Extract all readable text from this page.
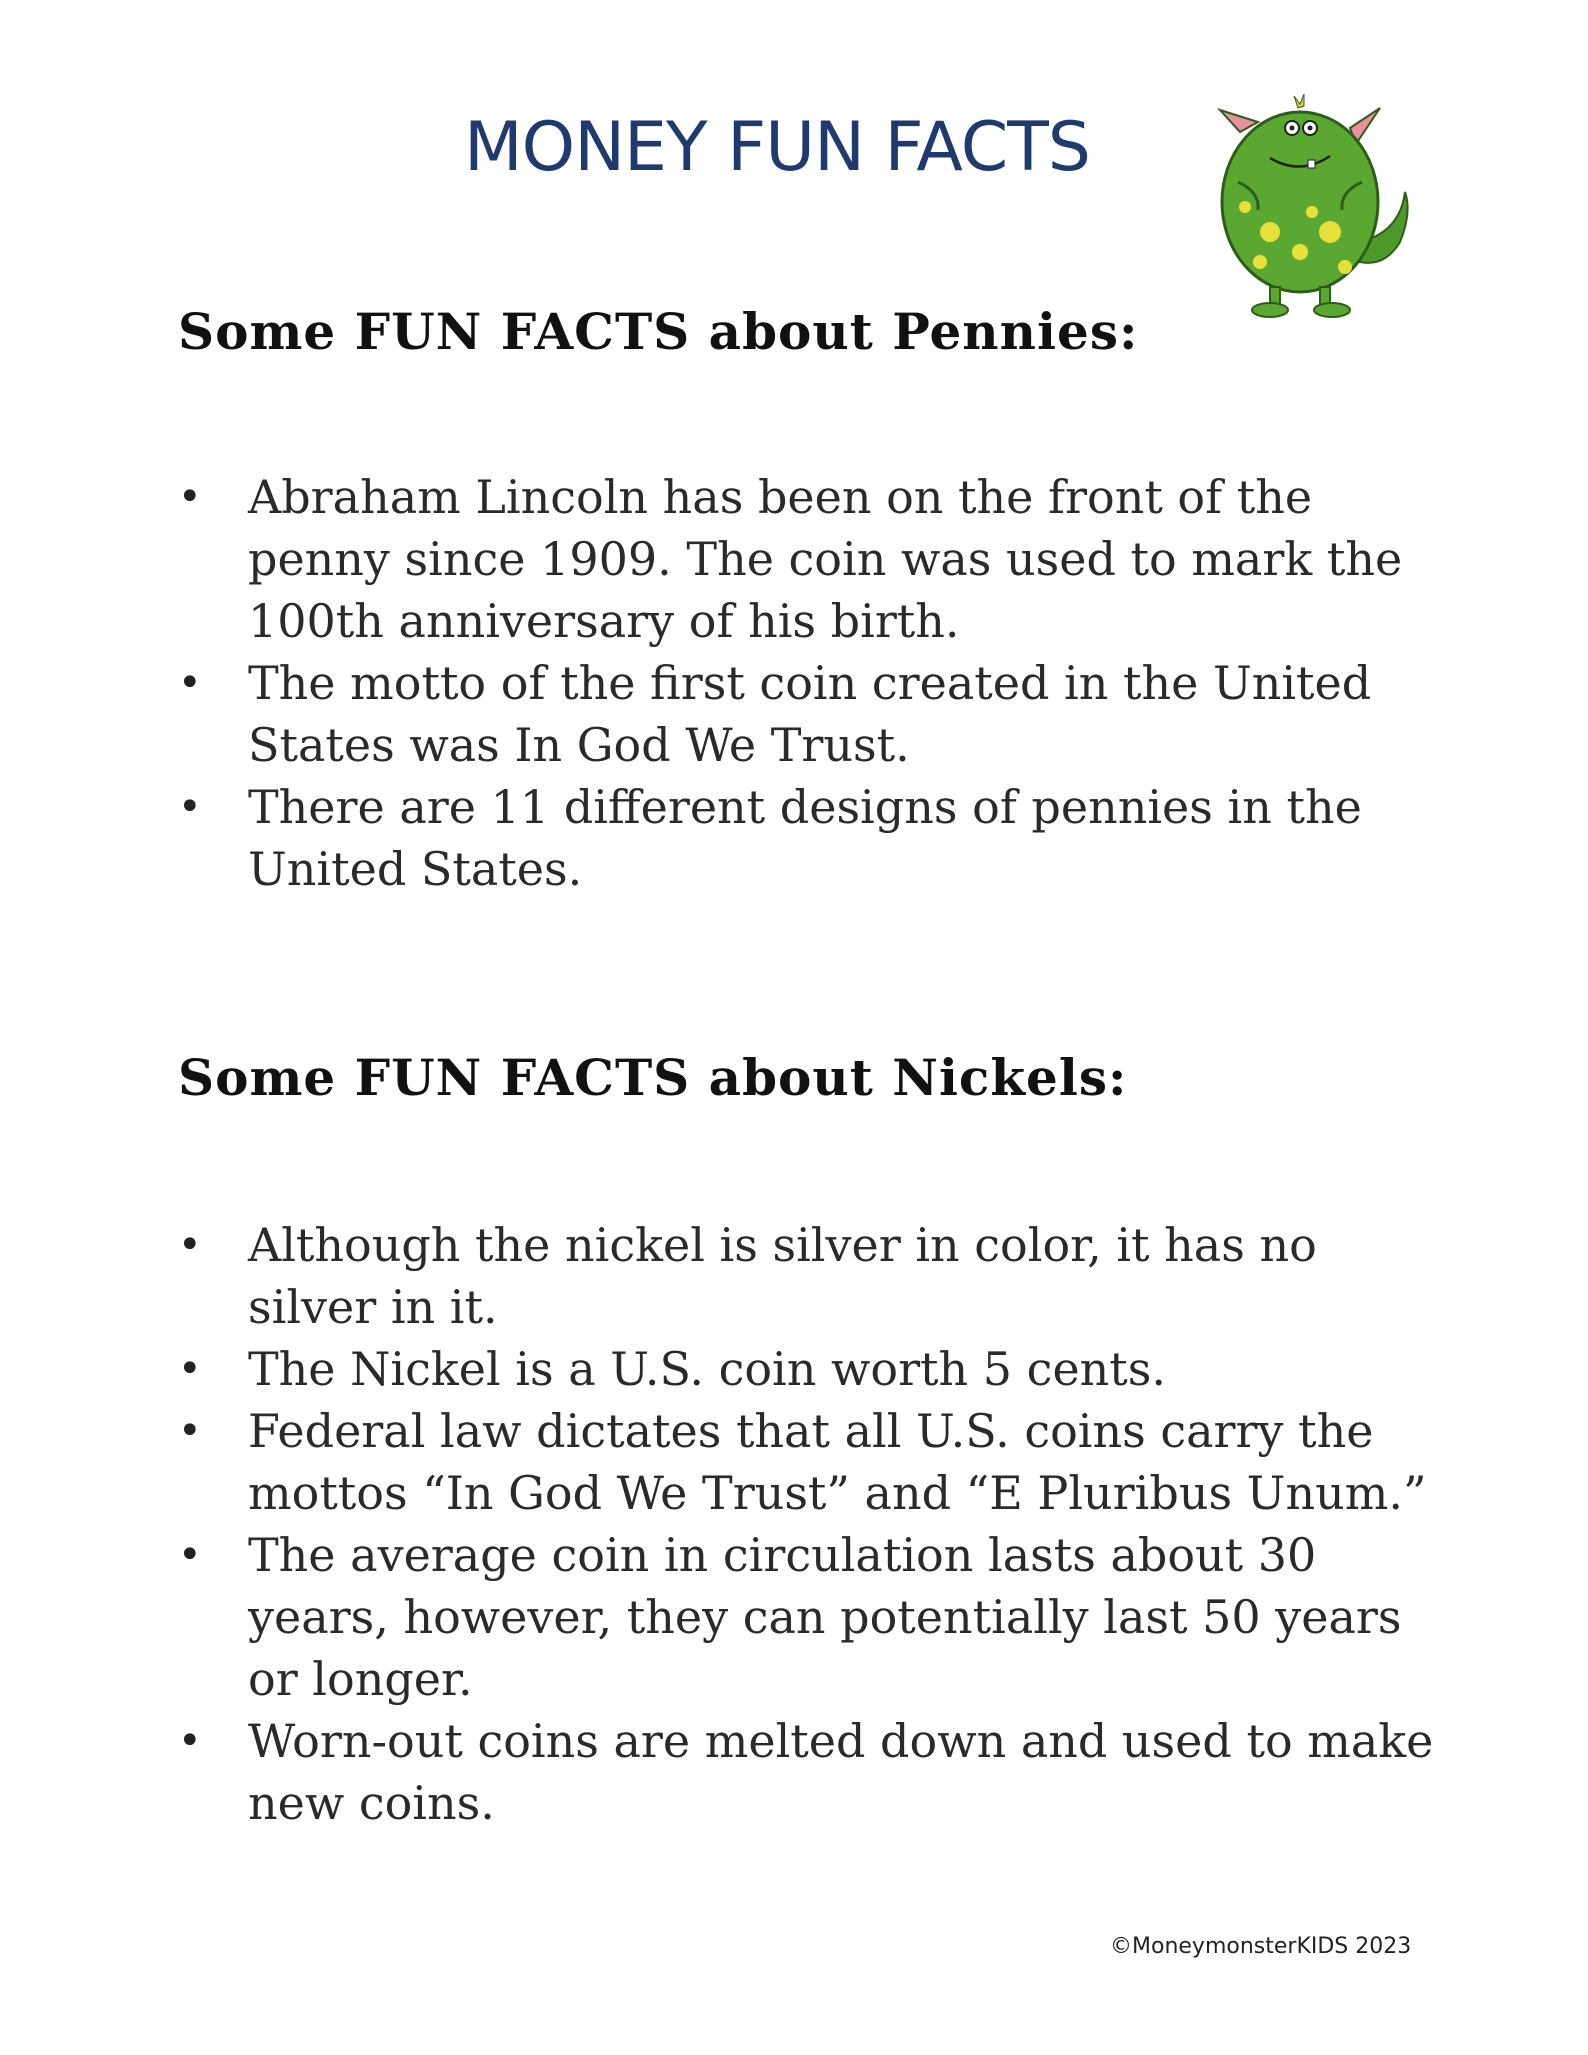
MONEY FUN FACTS
Some FUN FACTS about Pennies:
•	Abraham Lincoln has been on the front of the penny since 1909. The coin was used to mark the 100th anniversary of his birth.
•	The motto of the first coin created in the United States was In God We Trust.
•	There are 11 different designs of pennies in the United States.
Some FUN FACTS about Nickels:
•	Although the nickel is silver in color, it has no silver in it.
•	The Nickel is a U.S. coin worth 5 cents.
•	Federal law dictates that all U.S. coins carry the mottos “In God We Trust” and “E Pluribus Unum.”
•	The average coin in circulation lasts about 30 years, however, they can potentially last 50 years or longer.
•	Worn-out coins are melted down and used to make new coins.
©MoneymonsterKIDS 2023
